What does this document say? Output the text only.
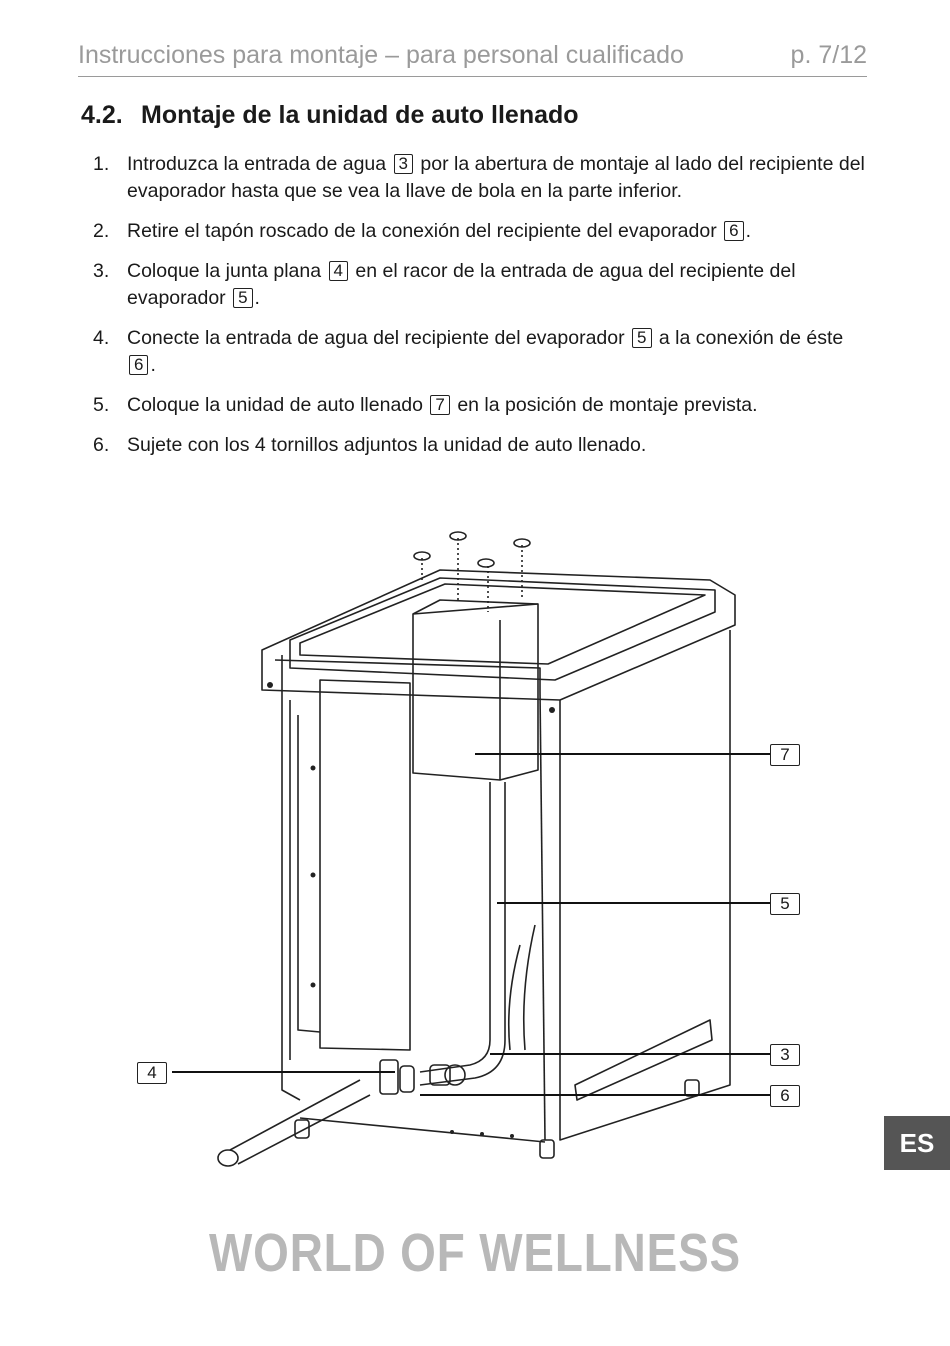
Instrucciones para montaje – para personal cualificado	p. 7/12
4.2. Montaje de la unidad de auto llenado
1. Introduzca la entrada de agua 3 por la abertura de montaje al lado del recipiente del evaporador hasta que se vea la llave de bola en la parte inferior.
2. Retire el tapón roscado de la conexión del recipiente del evaporador 6 .
3. Coloque la junta plana 4 en el racor de la entrada de agua del recipiente del evaporador 5 .
4. Conecte la entrada de agua del recipiente del evaporador 5 a la conexión de éste 6 .
5. Coloque la unidad de auto llenado 7 en la posición de montaje prevista.
6. Sujete con los 4 tornillos adjuntos la unidad de auto llenado.
7
5
3
6
4
ES
WORLD OF WELLNESS
